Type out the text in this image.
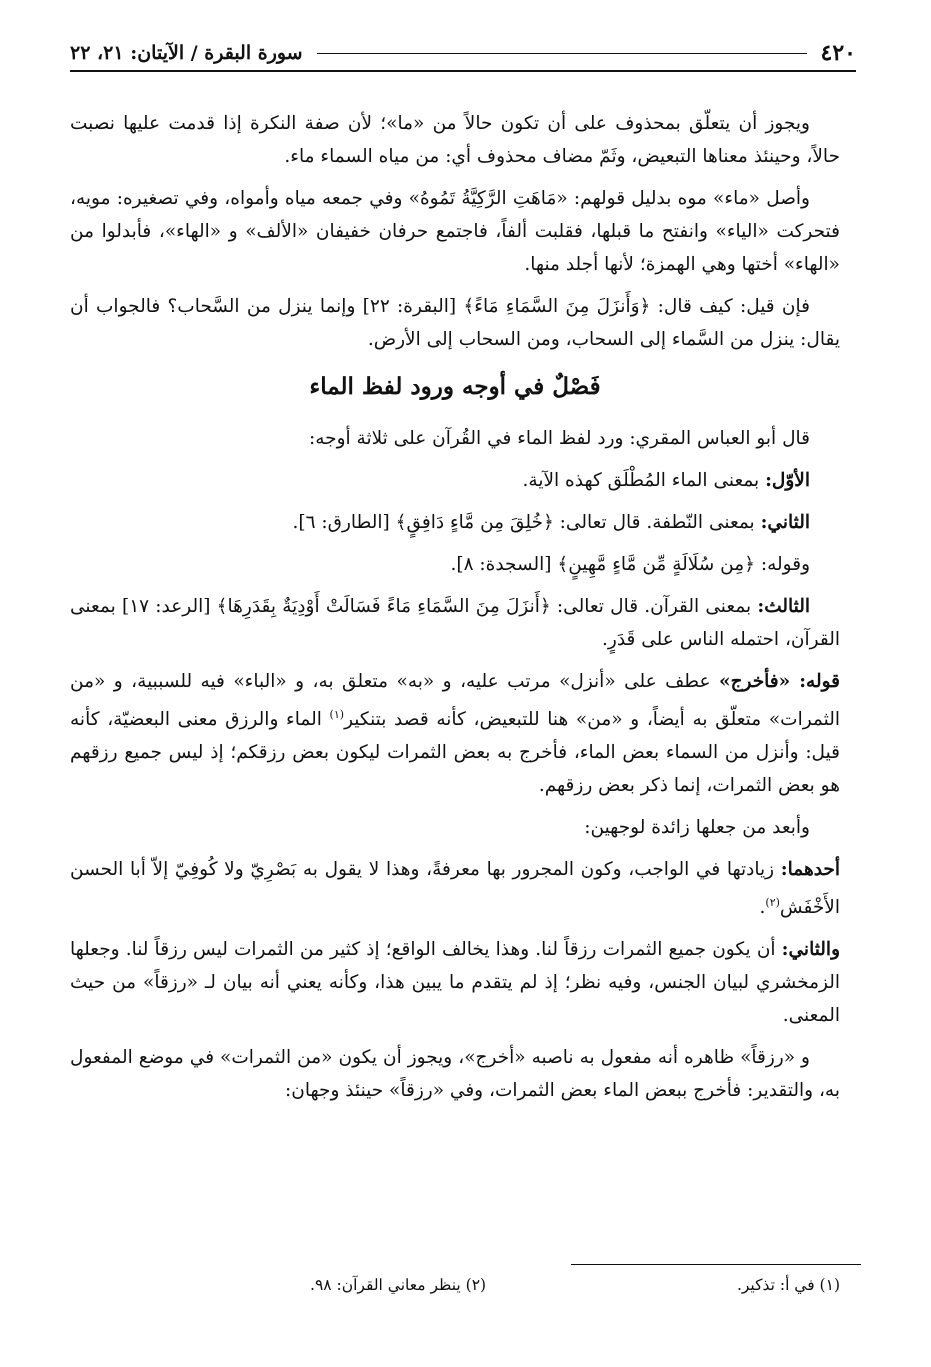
٤٢٠
سورة البقرة / الآيتان: ٢١، ٢٢

ويجوز أن يتعلّق بمحذوف على أن تكون حالاً من «ما»؛ لأن صفة النكرة إذا قدمت عليها نصبت حالاً، وحينئذ معناها التبعيض، وثَمّ مضاف محذوف أي: من مياه السماء ماء.

وأصل «ماء» موه بدليل قولهم: «مَاهَتِ الرَّكِيَّةُ تَمُوهُ» وفي جمعه مياه وأمواه، وفي تصغيره: مويه، فتحركت «الياء» وانفتح ما قبلها، فقلبت ألفاً، فاجتمع حرفان خفيفان «الألف» و «الهاء»، فأبدلوا من «الهاء» أختها وهي الهمزة؛ لأنها أجلد منها.

فإن قيل: كيف قال: ﴿وَأَنزَلَ مِنَ السَّمَاءِ مَاءً﴾ [البقرة: ٢٢] وإنما ينزل من السَّحاب؟ فالجواب أن يقال: ينزل من السَّماء إلى السحاب، ومن السحاب إلى الأرض.

فَصْلٌ في أوجه ورود لفظ الماء

قال أبو العباس المقري: ورد لفظ الماء في القُرآن على ثلاثة أوجه:

الأوّل: بمعنى الماء المُطْلَق كهذه الآية.

الثاني: بمعنى النّطفة. قال تعالى: ﴿خُلِقَ مِن مَّاءٍ دَافِقٍ﴾ [الطارق: ٦].

وقوله: ﴿مِن سُلَالَةٍ مِّن مَّاءٍ مَّهِينٍ﴾ [السجدة: ٨].

الثالث: بمعنى القرآن. قال تعالى: ﴿أَنزَلَ مِنَ السَّمَاءِ مَاءً فَسَالَتْ أَوْدِيَةٌ بِقَدَرِهَا﴾ [الرعد: ١٧] بمعنى القرآن، احتمله الناس على قَدَرٍ.

قوله: «فأخرج» عطف على «أنزل» مرتب عليه، و «به» متعلق به، و «الباء» فيه للسببية، و «من الثمرات» متعلّق به أيضاً، و «من» هنا للتبعيض، كأنه قصد بتنكير$^{(١)}$ الماء والرزق معنى البعضيّة، كأنه قيل: وأنزل من السماء بعض الماء، فأخرج به بعض الثمرات ليكون بعض رزقكم؛ إذ ليس جميع رزقهم هو بعض الثمرات، إنما ذكر بعض رزقهم.

وأبعد من جعلها زائدة لوجهين:

أحدهما: زيادتها في الواجب، وكون المجرور بها معرفةً، وهذا لا يقول به بَصْرِيّ ولا كُوفِيّ إلاّ أبا الحسن الأَخْفَش$^{(٢)}$.

والثاني: أن يكون جميع الثمرات رزقاً لنا. وهذا يخالف الواقع؛ إذ كثير من الثمرات ليس رزقاً لنا. وجعلها الزمخشري لبيان الجنس، وفيه نظر؛ إذ لم يتقدم ما يبين هذا، وكأنه يعني أنه بيان لـ «رزقاً» من حيث المعنى.

و «رزقاً» ظاهره أنه مفعول به ناصبه «أخرج»، ويجوز أن يكون «من الثمرات» في موضع المفعول به، والتقدير: فأخرج ببعض الماء بعض الثمرات، وفي «رزقاً» حينئذ وجهان:

(١) في أ: تذكير.
(٢) ينظر معاني القرآن: ٩٨.
